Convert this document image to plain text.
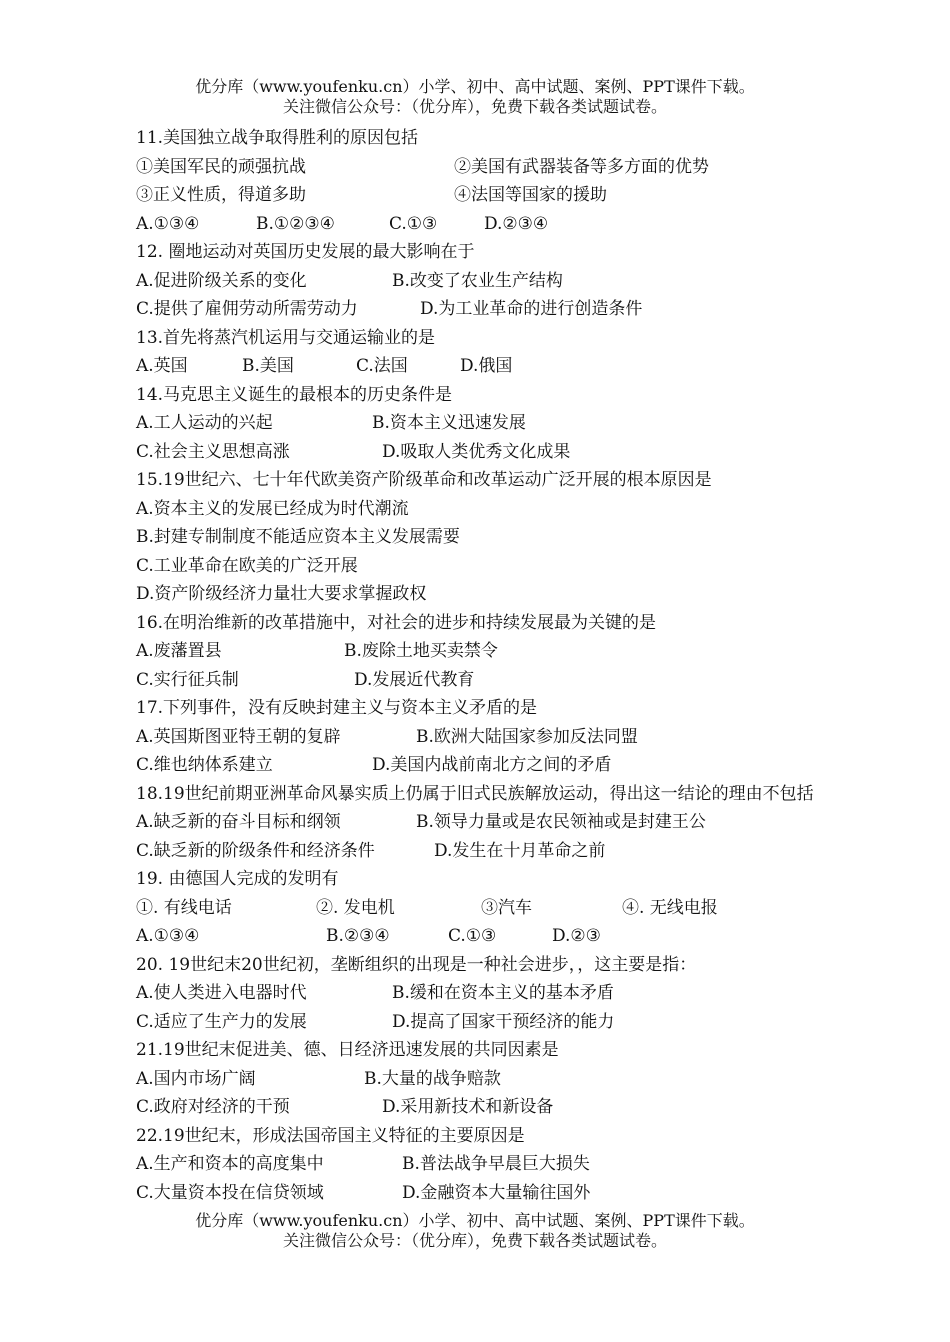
优分库（www.youfenku.cn）小学、初中、高中试题、案例、PPT课件下载。
关注微信公众号：（优分库），免费下载各类试题试卷。
11.美国独立战争取得胜利的原因包括
①美国军民的顽强抗战	②美国有武器装备等多方面的优势
③正义性质，得道多助	④法国等国家的援助
A.①③④	B.①②③④	C.①③	D.②③④
12. 圈地运动对英国历史发展的最大影响在于
A.促进阶级关系的变化	B.改变了农业生产结构
C.提供了雇佣劳动所需劳动力	D.为工业革命的进行创造条件
13.首先将蒸汽机运用与交通运输业的是
A.英国	B.美国	C.法国	D.俄国
14.马克思主义诞生的最根本的历史条件是
A.工人运动的兴起	B.资本主义迅速发展
C.社会主义思想高涨	D.吸取人类优秀文化成果
15.19世纪六、七十年代欧美资产阶级革命和改革运动广泛开展的根本原因是
A.资本主义的发展已经成为时代潮流
B.封建专制制度不能适应资本主义发展需要
C.工业革命在欧美的广泛开展
D.资产阶级经济力量壮大要求掌握政权
16.在明治维新的改革措施中，对社会的进步和持续发展最为关键的是
A.废藩置县	B.废除土地买卖禁令
C.实行征兵制	D.发展近代教育
17.下列事件，没有反映封建主义与资本主义矛盾的是
A.英国斯图亚特王朝的复辟	B.欧洲大陆国家参加反法同盟
C.维也纳体系建立	D.美国内战前南北方之间的矛盾
18.19世纪前期亚洲革命风暴实质上仍属于旧式民族解放运动，得出这一结论的理由不包括
A.缺乏新的奋斗目标和纲领	B.领导力量或是农民领袖或是封建王公
C.缺乏新的阶级条件和经济条件	D.发生在十月革命之前
19. 由德国人完成的发明有
①. 有线电话	②. 发电机	③汽车	④. 无线电报
A.①③④	B.②③④	C.①③	D.②③
20. 19世纪末20世纪初，垄断组织的出现是一种社会进步，，这主要是指：
A.使人类进入电器时代	B.缓和在资本主义的基本矛盾
C.适应了生产力的发展	D.提高了国家干预经济的能力
21.19世纪末促进美、德、日经济迅速发展的共同因素是
A.国内市场广阔	B.大量的战争赔款
C.政府对经济的干预	D.采用新技术和新设备
22.19世纪末，形成法国帝国主义特征的主要原因是
A.生产和资本的高度集中	B.普法战争早晨巨大损失
C.大量资本投在信贷领域	D.金融资本大量输往国外
优分库（www.youfenku.cn）小学、初中、高中试题、案例、PPT课件下载。
关注微信公众号：（优分库），免费下载各类试题试卷。
